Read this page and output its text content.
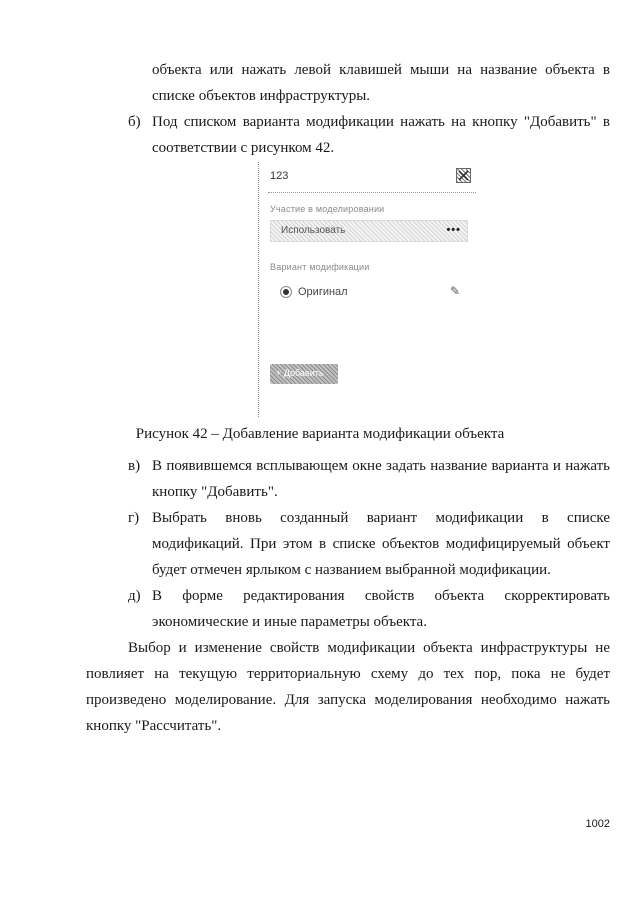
объекта или нажать левой клавишей мыши на название объекта в
списке объектов инфраструктуры.
б) Под списком варианта модификации нажать на кнопку "Добавить" в
соответствии с рисунком 42.
123
Участие в моделировании
Использовать	•••
Вариант модификации
Оригинал	✎
+ Добавить
Рисунок 42 – Добавление варианта модификации объекта
в) В появившемся всплывающем окне задать название варианта и нажать
кнопку "Добавить".
г) Выбрать вновь созданный вариант модификации в списке
модификаций. При этом в списке объектов модифицируемый объект
будет отмечен ярлыком с названием выбранной модификации.
д) В форме редактирования свойств объекта скорректировать
экономические и иные параметры объекта.
Выбор и изменение свойств модификации объекта инфраструктуры не
повлияет на текущую территориальную схему до тех пор, пока не будет
произведено моделирование. Для запуска моделирования необходимо нажать
кнопку "Рассчитать".
1002
